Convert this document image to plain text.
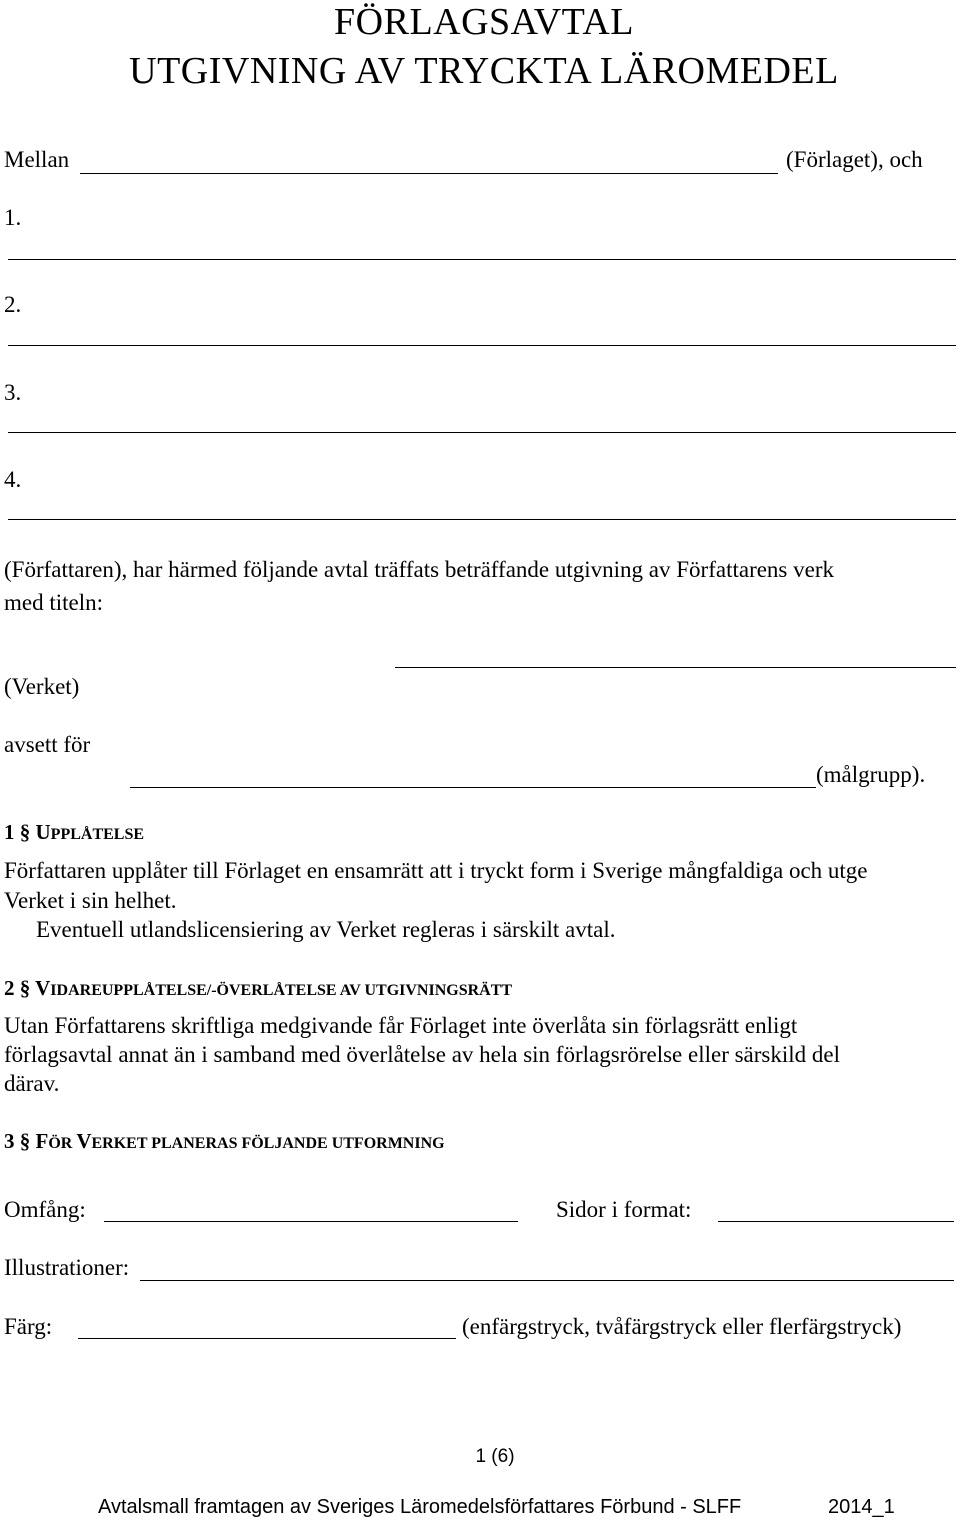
FÖRLAGSAVTAL
UTGIVNING AV TRYCKTA LÄROMEDEL
Mellan	(Förlaget), och
1.
2.
3.
4.
(Författaren), har härmed följande avtal träffats beträffande utgivning av Författarens verk
med titeln:
(Verket)
avsett för
(målgrupp).
1 § UPPLÅTELSE
Författaren upplåter till Förlaget en ensamrätt att i tryckt form i Sverige mångfaldiga och utge
Verket i sin helhet.
Eventuell utlandslicensiering av Verket regleras i särskilt avtal.
2 § VIDAREUPPLÅTELSE/-ÖVERLÅTELSE AV UTGIVNINGSRÄTT
Utan Författarens skriftliga medgivande får Förlaget inte överlåta sin förlagsrätt enligt
förlagsavtal annat än i samband med överlåtelse av hela sin förlagsrörelse eller särskild del
därav.
3 § FÖR VERKET PLANERAS FÖLJANDE UTFORMNING
Omfång:	Sidor i format:
Illustrationer:
Färg:	(enfärgstryck, tvåfärgstryck eller flerfärgstryck)
1 (6)
Avtalsmall framtagen av Sveriges Läromedelsförfattares Förbund - SLFF	2014_1
